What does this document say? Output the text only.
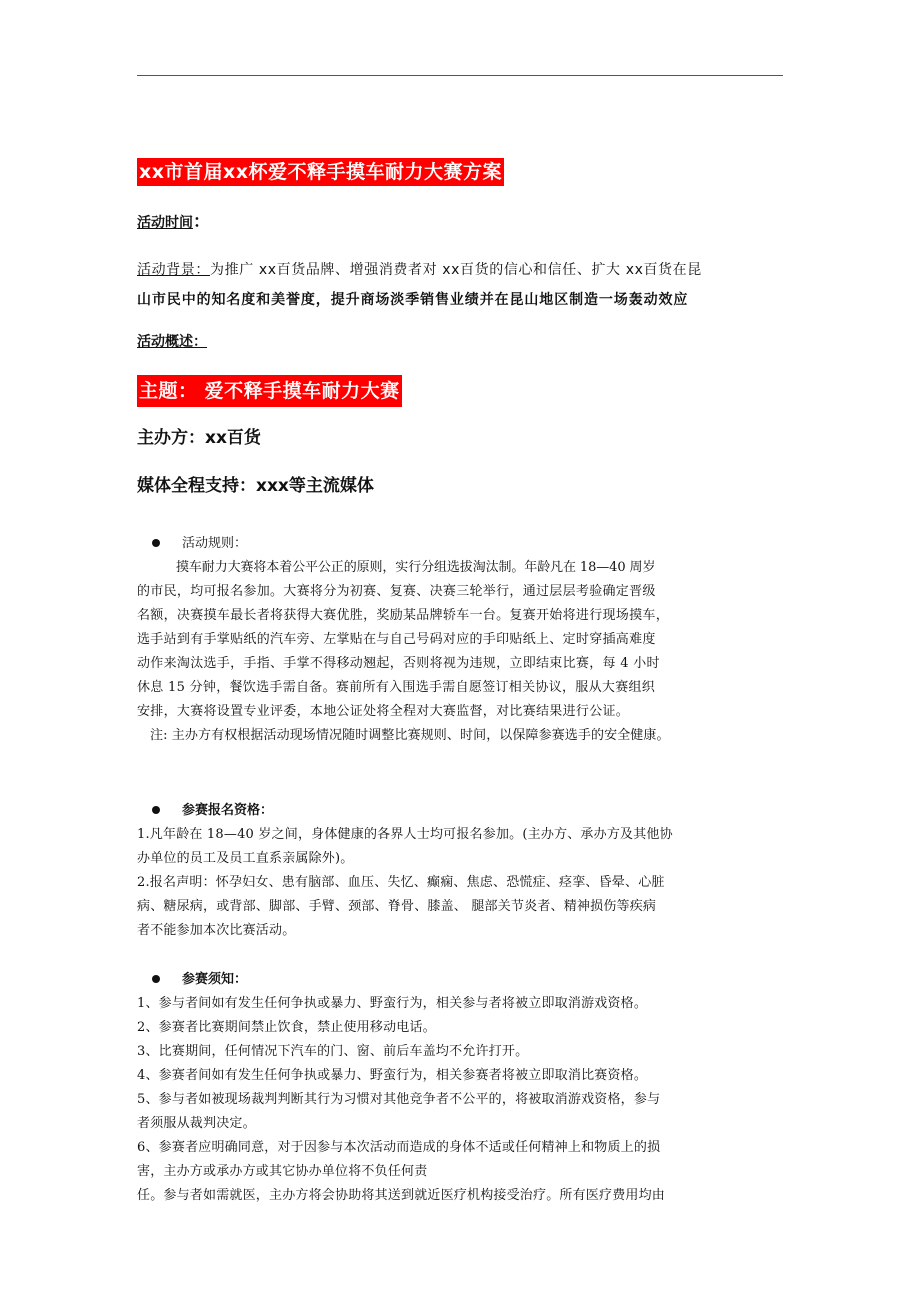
xx市首届xx杯爱不释手摸车耐力大赛方案
活动时间：
活动背景：为推广 xx百货品牌、增强消费者对 xx百货的信心和信任、扩大 xx百货在昆
山市民中的知名度和美誉度，提升商场淡季销售业绩并在昆山地区制造一场轰动效应
活动概述：
主题： 爱不释手摸车耐力大赛
主办方：xx百货
媒体全程支持：xxx等主流媒体
活动规则：
摸车耐力大赛将本着公平公正的原则，实行分组选拔淘汰制。年龄凡在 18—40 周岁
的市民，均可报名参加。大赛将分为初赛、复赛、决赛三轮举行，通过层层考验确定晋级
名额，决赛摸车最长者将获得大赛优胜，奖励某品牌轿车一台。复赛开始将进行现场摸车，
选手站到有手掌贴纸的汽车旁、左掌贴在与自己号码对应的手印贴纸上、定时穿插高难度
动作来淘汰选手，手指、手掌不得移动翘起，否则将视为违规，立即结束比赛，每 4 小时
休息 15 分钟，餐饮选手需自备。赛前所有入围选手需自愿签订相关协议，服从大赛组织
安排，大赛将设置专业评委，本地公证处将全程对大赛监督，对比赛结果进行公证。
注: 主办方有权根据活动现场情况随时调整比赛规则、时间，以保障参赛选手的安全健康。
参赛报名资格：
1.凡年龄在 18—40 岁之间，身体健康的各界人士均可报名参加。(主办方、承办方及其他协
办单位的员工及员工直系亲属除外)。
2.报名声明：怀孕妇女、患有脑部、血压、失忆、癫痫、焦虑、恐慌症、痉挛、昏晕、心脏
病、糖尿病，或背部、脚部、手臂、颈部、脊骨、膝盖、 腿部关节炎者、精神损伤等疾病
者不能参加本次比赛活动。
参赛须知：
1、参与者间如有发生任何争执或暴力、野蛮行为，相关参与者将被立即取消游戏资格。
2、参赛者比赛期间禁止饮食，禁止使用移动电话。
3、比赛期间，任何情况下汽车的门、窗、前后车盖均不允许打开。
4、参赛者间如有发生任何争执或暴力、野蛮行为，相关参赛者将被立即取消比赛资格。
5、参与者如被现场裁判判断其行为习惯对其他竞争者不公平的，将被取消游戏资格，参与
者须服从裁判决定。
6、参赛者应明确同意，对于因参与本次活动而造成的身体不适或任何精神上和物质上的损
害，主办方或承办方或其它协办单位将不负任何责
任。参与者如需就医，主办方将会协助将其送到就近医疗机构接受治疗。所有医疗费用均由
